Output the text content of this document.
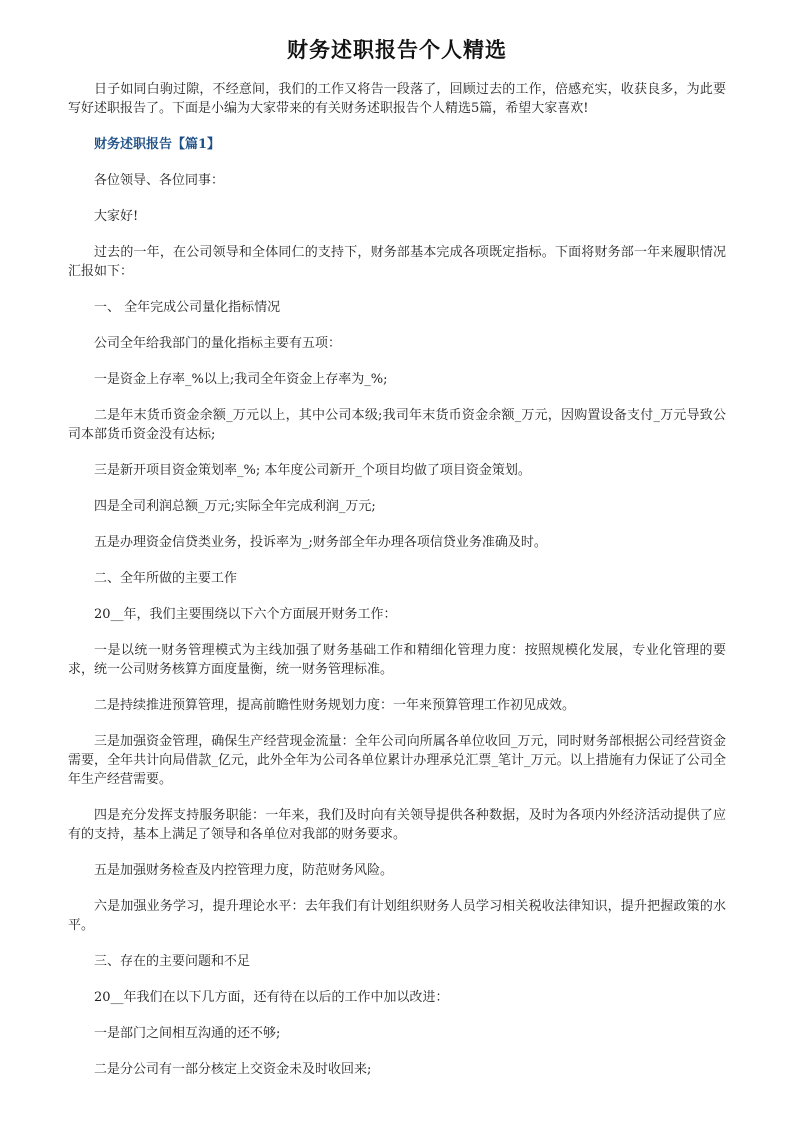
财务述职报告个人精选

日子如同白驹过隙，不经意间，我们的工作又将告一段落了，回顾过去的工作，倍感充实，收获良多，为此要写好述职报告了。下面是小编为大家带来的有关财务述职报告个人精选5篇，希望大家喜欢!

财务述职报告【篇1】

各位领导、各位同事：

大家好!

过去的一年，在公司领导和全体同仁的支持下，财务部基本完成各项既定指标。下面将财务部一年来履职情况汇报如下：

一、 全年完成公司量化指标情况

公司全年给我部门的量化指标主要有五项：

一是资金上存率_%以上;我司全年资金上存率为_%;

二是年末货币资金余额_万元以上，其中公司本级;我司年末货币资金余额_万元，因购置设备支付_万元导致公司本部货币资金没有达标;

三是新开项目资金策划率_%; 本年度公司新开_个项目均做了项目资金策划。

四是全司利润总额_万元;实际全年完成利润_万元;

五是办理资金信贷类业务，投诉率为_;财务部全年办理各项信贷业务准确及时。

二、全年所做的主要工作

20__年，我们主要围绕以下六个方面展开财务工作：

一是以统一财务管理模式为主线加强了财务基础工作和精细化管理力度：按照规模化发展，专业化管理的要求，统一公司财务核算方面度量衡，统一财务管理标准。

二是持续推进预算管理，提高前瞻性财务规划力度：一年来预算管理工作初见成效。

三是加强资金管理，确保生产经营现金流量：全年公司向所属各单位收回_万元，同时财务部根据公司经营资金需要，全年共计向局借款_亿元，此外全年为公司各单位累计办理承兑汇票_笔计_万元。以上措施有力保证了公司全年生产经营需要。

四是充分发挥支持服务职能：一年来，我们及时向有关领导提供各种数据，及时为各项内外经济活动提供了应有的支持，基本上满足了领导和各单位对我部的财务要求。

五是加强财务检查及内控管理力度，防范财务风险。

六是加强业务学习，提升理论水平：去年我们有计划组织财务人员学习相关税收法律知识，提升把握政策的水平。

三、存在的主要问题和不足

20__年我们在以下几方面，还有待在以后的工作中加以改进：

一是部门之间相互沟通的还不够;

二是分公司有一部分核定上交资金未及时收回来;
